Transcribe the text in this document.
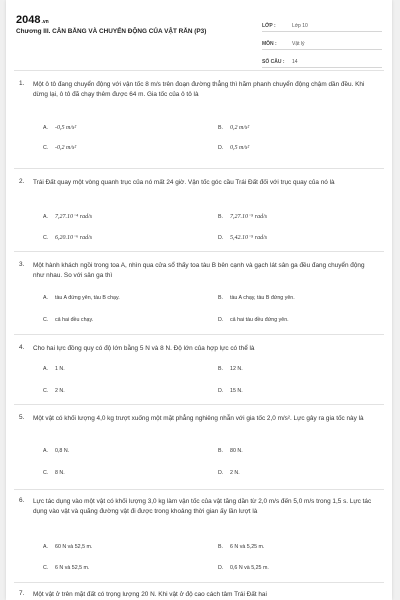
2048.vn
Chương III. CÂN BẰNG VÀ CHUYỂN ĐỘNG CỦA VẬT RẮN (P3)
LỚP :	Lớp 10
MÔN :	Vật lý
SỐ CÂU : 14
1. Một ô tô đang chuyển động với vận tốc 8 m/s trên đoạn đường thẳng thì hãm phanh chuyển động chậm dần đều. Khi dừng lại, ô tô đã chạy thêm được 64 m. Gia tốc của ô tô là
A. -0,5 m/s²	B. 0,2 m/s²
C. -0,2 m/s²	D. 0,5 m/s²
2. Trái Đất quay một vòng quanh trục của nó mất 24 giờ. Vận tốc góc cầu Trái Đất đối với trục quay của nó là
A. 7,27.10⁻⁴ rad/s	B. 7,27.10⁻⁵ rad/s
C. 6,20.10⁻⁶ rad/s	D. 5,42.10⁻⁵ rad/s
3. Một hành khách ngồi trong toa A, nhìn qua cửa sổ thấy toa tàu B bên cạnh và gạch lát sân ga đều đang chuyển động như nhau. So với sân ga thì
A. tàu A đứng yên, tàu B chạy.	B. tàu A chạy, tàu B đứng yên.
C. cả hai đều chạy.	D. cả hai tàu đều đứng yên.
4. Cho hai lực đồng quy có độ lớn bằng 5 N và 8 N. Độ lớn của hợp lực có thể là
A. 1 N.	B. 12 N.
C. 2 N.	D. 15 N.
5. Một vật có khối lượng 4,0 kg trượt xuống một mặt phẳng nghiêng nhẵn với gia tốc 2,0 m/s². Lực gây ra gia tốc này là
A. 0,8 N.	B. 80 N.
C. 8 N.	D. 2 N.
6. Lực tác dụng vào một vật có khối lượng 3,0 kg làm vận tốc của vật tăng dần từ 2,0 m/s đến 5,0 m/s trong 1,5 s. Lực tác dụng vào vật và quãng đường vật đi được trong khoảng thời gian ấy lần lượt là
A. 60 N và 52,5 m.	B. 6 N và 5,25 m.
C. 6 N và 52,5 m.	D. 0,6 N và 5,25 m.
7. Một vật ở trên mặt đất có trọng lượng 20 N. Khi vật ở độ cao cách tâm Trái Đất hai
